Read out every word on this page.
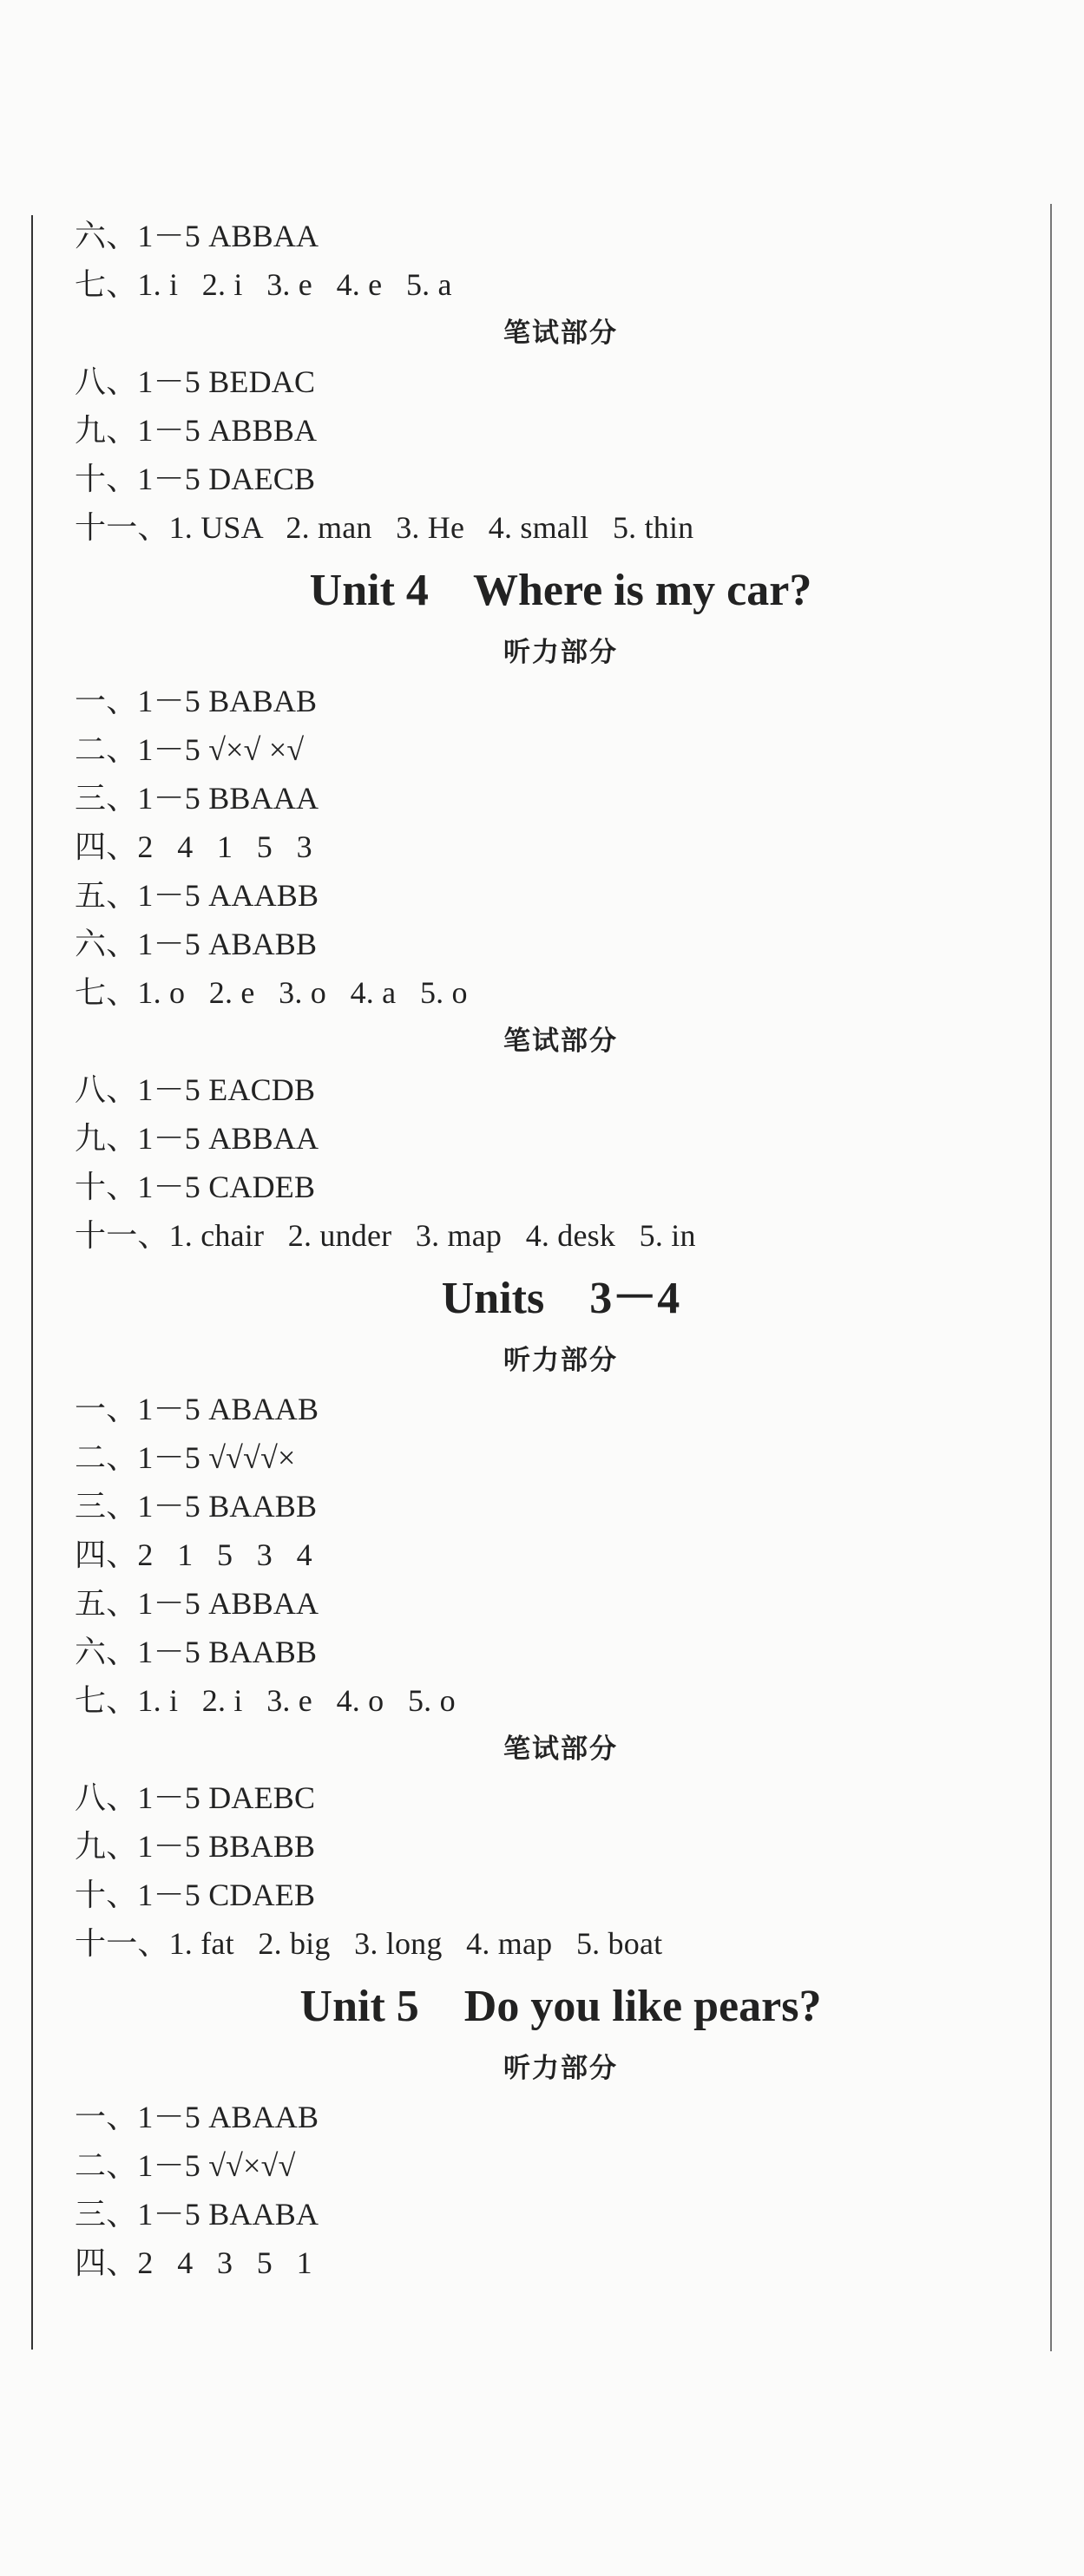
六、1－5 ABBAA
七、1. i   2. i   3. e   4. e   5. a
笔试部分
八、1－5 BEDAC
九、1－5 ABBBA
十、1－5 DAECB
十一、1. USA   2. man   3. He   4. small   5. thin
Unit 4    Where is my car?
听力部分
一、1－5 BABAB
二、1－5 √×√ ×√
三、1－5 BBAAA
四、2   4   1   5   3
五、1－5 AAABB
六、1－5 ABABB
七、1. o   2. e   3. o   4. a   5. o
笔试部分
八、1－5 EACDB
九、1－5 ABBAA
十、1－5 CADEB
十一、1. chair   2. under   3. map   4. desk   5. in
Units    3－4
听力部分
一、1－5 ABAAB
二、1－5 √√√√×
三、1－5 BAABB
四、2   1   5   3   4
五、1－5 ABBAA
六、1－5 BAABB
七、1. i   2. i   3. e   4. o   5. o
笔试部分
八、1－5 DAEBC
九、1－5 BBABB
十、1－5 CDAEB
十一、1. fat   2. big   3. long   4. map   5. boat
Unit 5    Do you like pears?
听力部分
一、1－5 ABAAB
二、1－5 √√×√√
三、1－5 BAABA
四、2   4   3   5   1
